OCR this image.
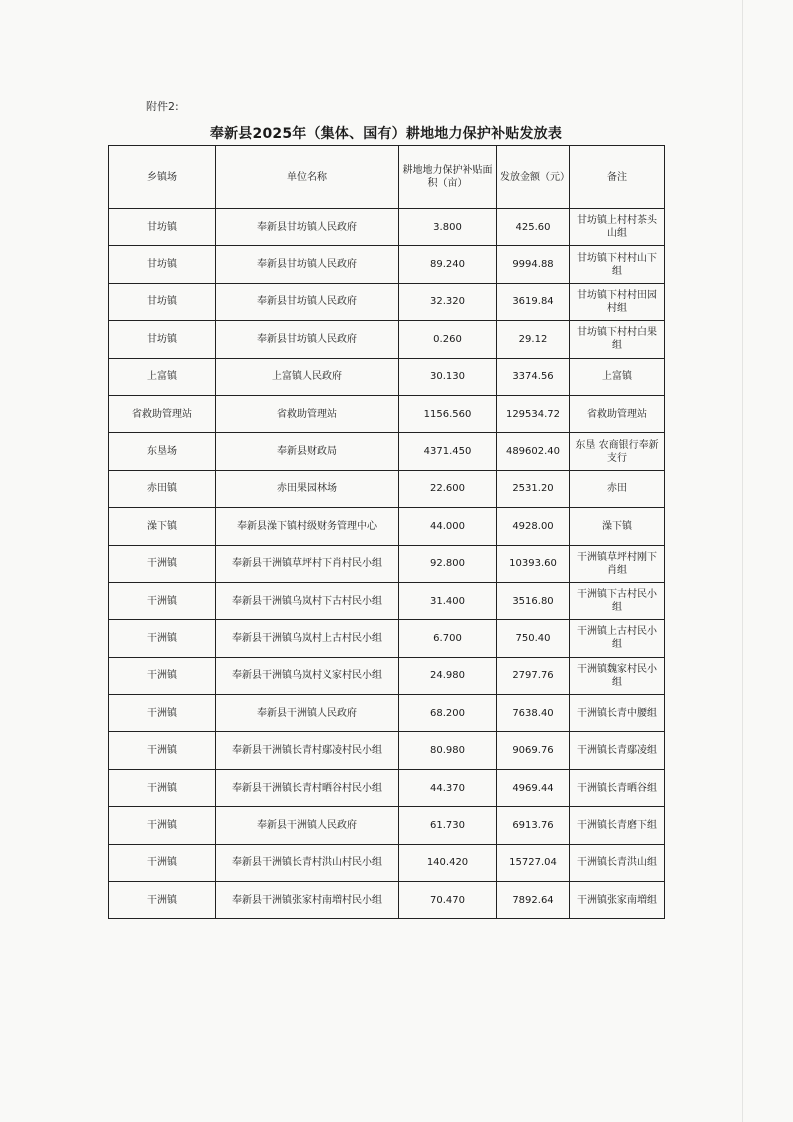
附件2:
奉新县2025年（集体、国有）耕地地力保护补贴发放表
乡镇场	单位名称	耕地地力保护补贴面积（亩）	发放金额（元）	备注
甘坊镇	奉新县甘坊镇人民政府	3.800	425.60	甘坊镇上村村茶头山组
甘坊镇	奉新县甘坊镇人民政府	89.240	9994.88	甘坊镇下村村山下组
甘坊镇	奉新县甘坊镇人民政府	32.320	3619.84	甘坊镇下村村田园村组
甘坊镇	奉新县甘坊镇人民政府	0.260	29.12	甘坊镇下村村白果组
上富镇	上富镇人民政府	30.130	3374.56	上富镇
省救助管理站	省救助管理站	1156.560	129534.72	省救助管理站
东垦场	奉新县财政局	4371.450	489602.40	东垦 农商银行奉新支行
赤田镇	赤田果园林场	22.600	2531.20	赤田
澡下镇	奉新县澡下镇村级财务管理中心	44.000	4928.00	澡下镇
干洲镇	奉新县干洲镇草坪村下肖村民小组	92.800	10393.60	干洲镇草坪村刚下肖组
干洲镇	奉新县干洲镇乌岚村下古村民小组	31.400	3516.80	干洲镇下古村民小组
干洲镇	奉新县干洲镇乌岚村上古村民小组	6.700	750.40	干洲镇上古村民小组
干洲镇	奉新县干洲镇乌岚村义家村民小组	24.980	2797.76	干洲镇魏家村民小组
干洲镇	奉新县干洲镇人民政府	68.200	7638.40	干洲镇长青中腰组
干洲镇	奉新县干洲镇长青村鄢凌村民小组	80.980	9069.76	干洲镇长青鄢凌组
干洲镇	奉新县干洲镇长青村晒谷村民小组	44.370	4969.44	干洲镇长青晒谷组
干洲镇	奉新县干洲镇人民政府	61.730	6913.76	干洲镇长青磨下组
干洲镇	奉新县干洲镇长青村洪山村民小组	140.420	15727.04	干洲镇长青洪山组
干洲镇	奉新县干洲镇张家村南増村民小组	70.470	7892.64	干洲镇张家南増组
